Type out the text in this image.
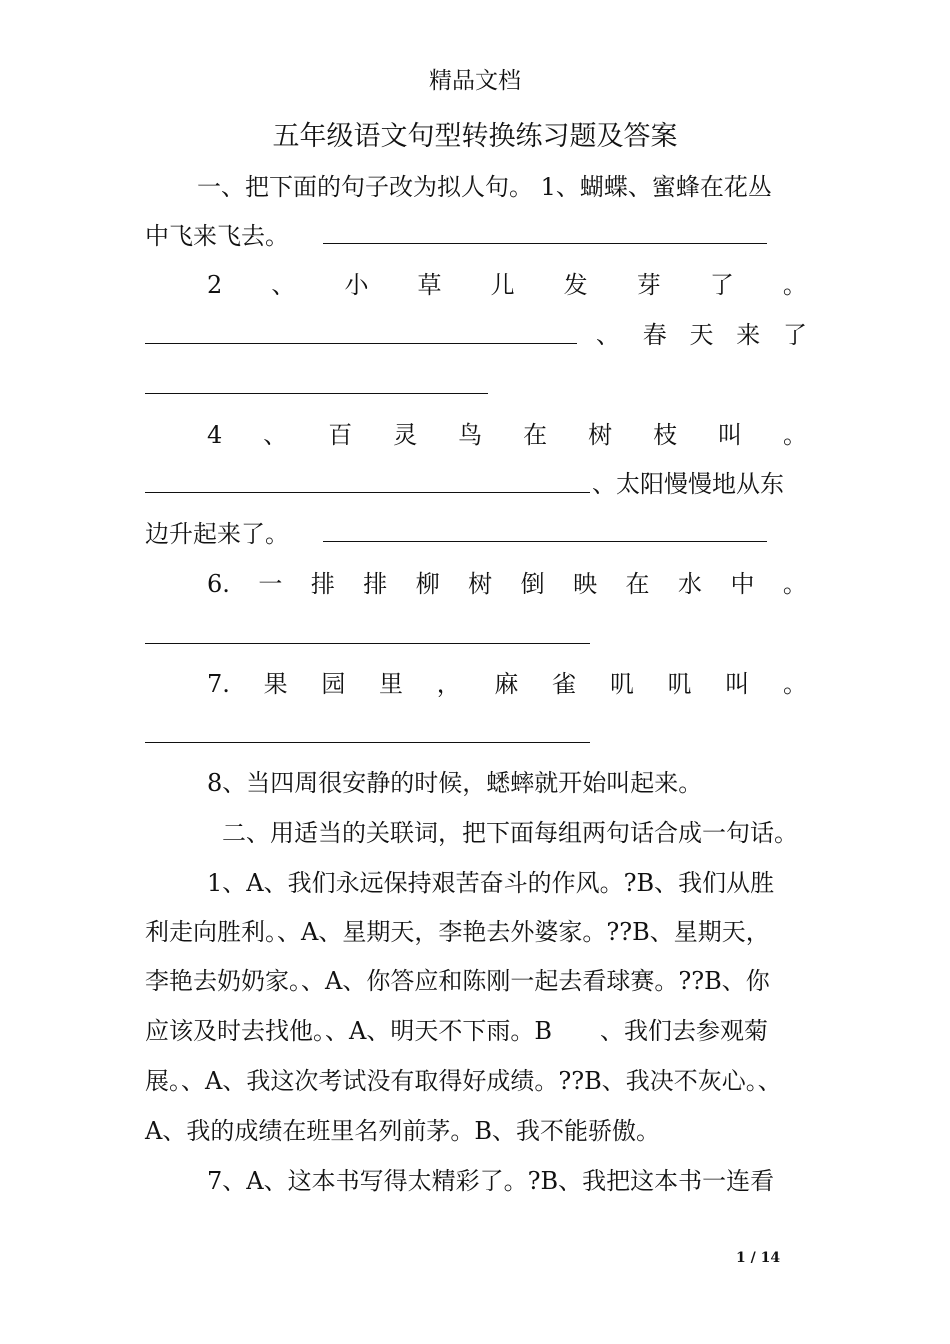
精品文档
五年级语文句型转换练习题及答案
一、把下面的句子改为拟人句。 1、蝴蝶、蜜蜂在花丛
中飞来飞去。
2 、 小 草 儿 发 芽 了 。
、 春 天 来 了
4 、 百 灵 鸟 在 树 枝 叫 。
、太阳慢慢地从东
边升起来了。
6. 一 排 排 柳 树 倒 映 在 水 中 。
7. 果 园 里 ， 麻 雀 叽 叽 叫 。
8、当四周很安静的时候，蟋蟀就开始叫起来。
二、用适当的关联词，把下面每组两句话合成一句话。
1、A、我们永远保持艰苦奋斗的作风。?B、我们从胜
利走向胜利。、A、星期天，李艳去外婆家。??B、星期天，
李艳去奶奶家。、A、你答应和陈刚一起去看球赛。??B、你
应该及时去找他。、A、明天不下雨。B　　、我们去参观菊
展。、A、我这次考试没有取得好成绩。??B、我决不灰心。、
A、我的成绩在班里名列前茅。B、我不能骄傲。
7、A、这本书写得太精彩了。?B、我把这本书一连看
1 / 14
